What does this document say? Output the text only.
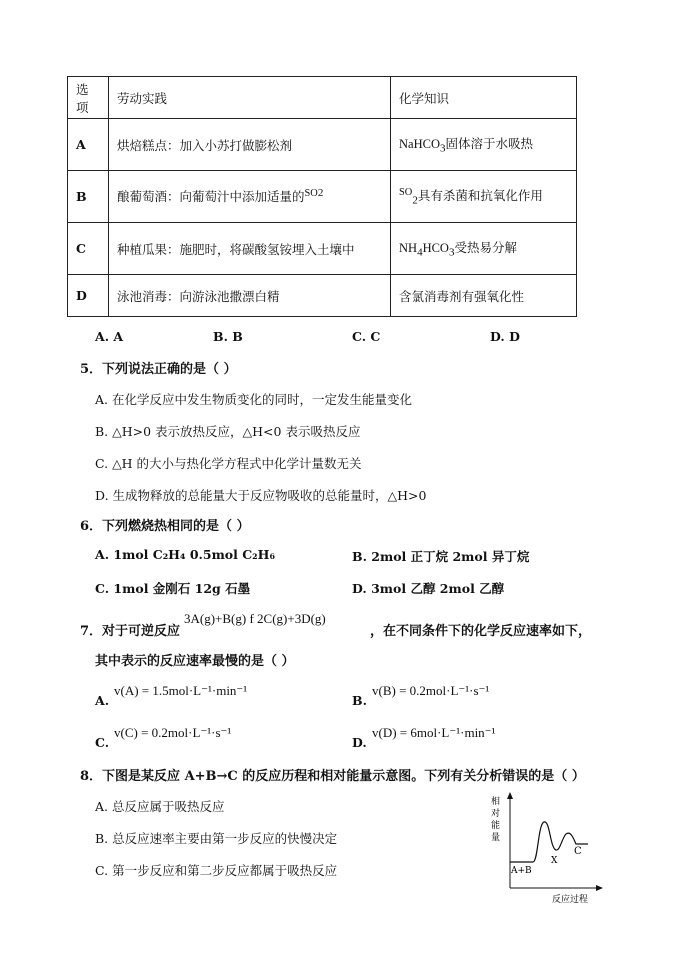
选项	劳动实践	化学知识
A	烘焙糕点：加入小苏打做膨松剂	NaHCO$_3$固体溶于水吸热
B	酿葡萄酒：向葡萄汁中添加适量的$^{SO2}$	$^{SO}_2$具有杀菌和抗氧化作用
C	种植瓜果：施肥时，将碳酸氢铵埋入土壤中	$NH_4HCO_3$受热易分解
D	泳池消毒：向游泳池撒漂白精	含氯消毒剂有强氧化性
A. A	B. B	C. C	D. D
5．下列说法正确的是（ ）
A. 在化学反应中发生物质变化的同时，一定发生能量变化
B. △H>0 表示放热反应，△H<0 表示吸热反应
C. △H 的大小与热化学方程式中化学计量数无关
D. 生成物释放的总能量大于反应物吸收的总能量时，△H>0
6．下列燃烧热相同的是（ ）
A. 1mol C₂H₄ 0.5mol C₂H₆	B. 2mol 正丁烷 2mol 异丁烷
C. 1mol 金刚石 12g 石墨	D. 3mol 乙醇 2mol 乙醇
7．对于可逆反应
3A(g)+B(g) f 2C(g)+3D(g)
，在不同条件下的化学反应速率如下，
其中表示的反应速率最慢的是（ ）
A.
v(A) = 1.5mol·L⁻¹·min⁻¹
B.
v(B) = 0.2mol·L⁻¹·s⁻¹
C.
v(C) = 0.2mol·L⁻¹·s⁻¹
D.
v(D) = 6mol·L⁻¹·min⁻¹
8．下图是某反应 A+B→C 的反应历程和相对能量示意图。下列有关分析错误的是（ ）
A. 总反应属于吸热反应
B. 总反应速率主要由第一步反应的快慢决定
C. 第一步反应和第二步反应都属于吸热反应
相
对
能
量
A+B
X
C
反应过程
